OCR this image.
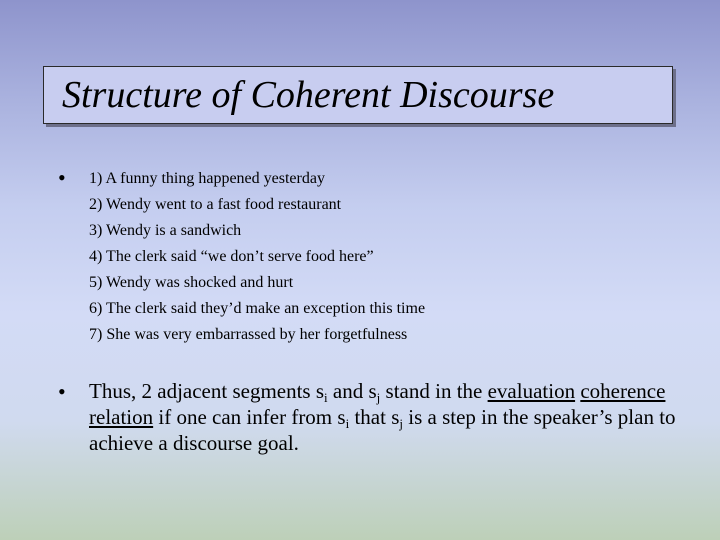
Structure of Coherent Discourse
• 1) A funny thing happened yesterday
2) Wendy went to a fast food restaurant
3) Wendy is a sandwich
4) The clerk said “we don’t serve food here”
5) Wendy was shocked and hurt
6) The clerk said they’d make an exception this time
7) She was very embarrassed by her forgetfulness
• Thus, 2 adjacent segments $s_i$ and $s_j$ stand in the evaluation coherence relation if one can infer from $s_i$ that $s_j$ is a step in the speaker’s plan to achieve a discourse goal.
